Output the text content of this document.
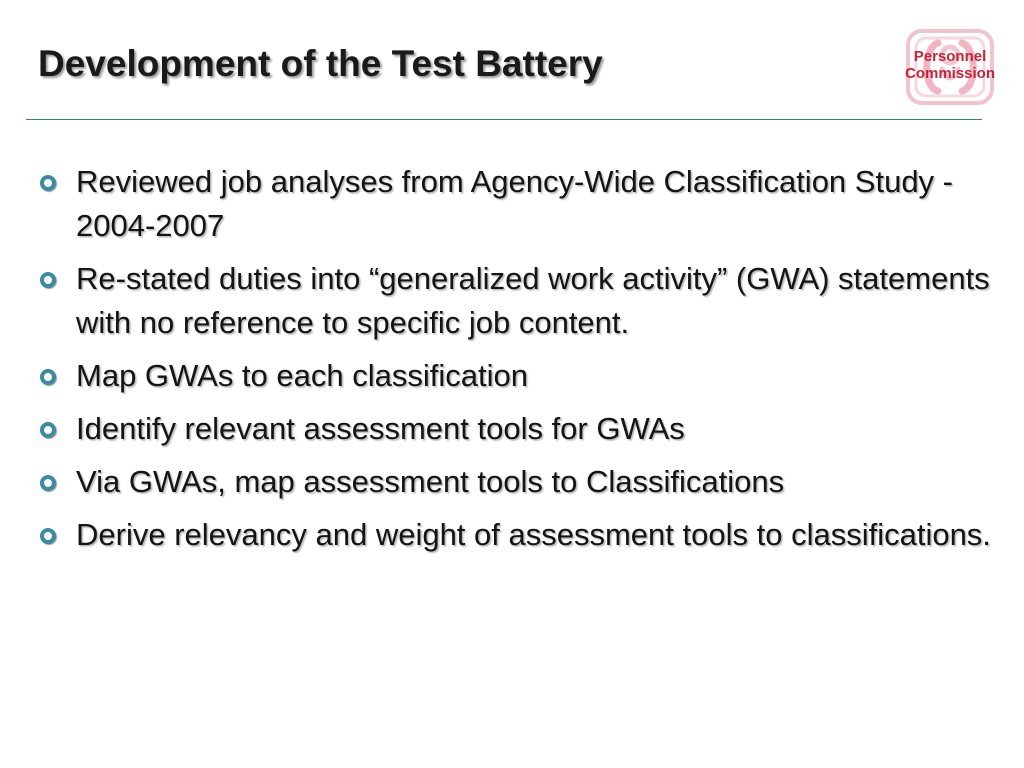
Development of the Test Battery	Personnel
Commission
Reviewed job analyses from Agency-Wide Classification Study - 2004-2007
Re-stated duties into “generalized work activity” (GWA) statements with no reference to specific job content.
Map GWAs to each classification
Identify relevant assessment tools for GWAs
Via GWAs, map assessment tools to Classifications
Derive relevancy and weight of assessment tools to classifications.
